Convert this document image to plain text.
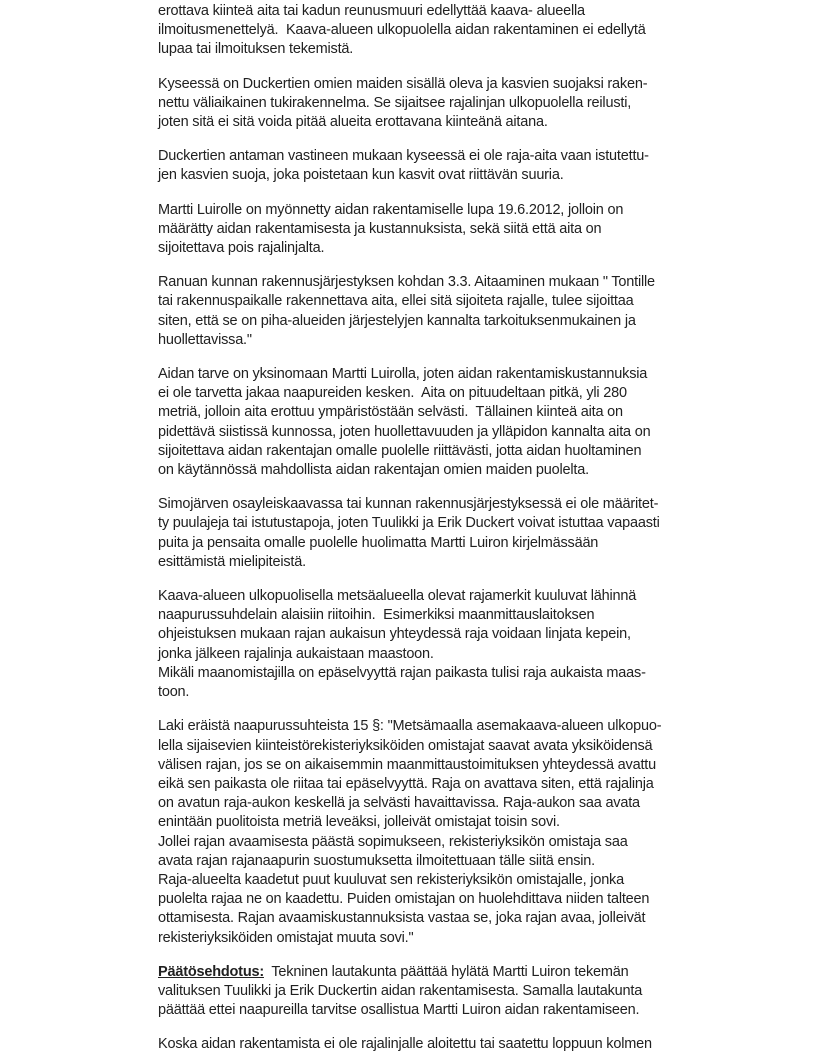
erottava kiinteä aita tai kadun reunusmuuri edellyttää kaava- alueella
ilmoitusmenettelyä.  Kaava-alueen ulkopuolella aidan rakentaminen ei edellytä
lupaa tai ilmoituksen tekemistä.
Kyseessä on Duckertien omien maiden sisällä oleva ja kasvien suojaksi raken-
nettu väliaikainen tukirakennelma. Se sijaitsee rajalinjan ulkopuolella reilusti,
joten sitä ei sitä voida pitää alueita erottavana kiinteänä aitana.
Duckertien antaman vastineen mukaan kyseessä ei ole raja-aita vaan istutettu-
jen kasvien suoja, joka poistetaan kun kasvit ovat riittävän suuria.
Martti Luirolle on myönnetty aidan rakentamiselle lupa 19.6.2012, jolloin on
määrätty aidan rakentamisesta ja kustannuksista, sekä siitä että aita on
sijoitettava pois rajalinjalta.
Ranuan kunnan rakennusjärjestyksen kohdan 3.3. Aitaaminen mukaan " Tontille
tai rakennuspaikalle rakennettava aita, ellei sitä sijoiteta rajalle, tulee sijoittaa
siten, että se on piha-alueiden järjestelyjen kannalta tarkoituksenmukainen ja
huollettavissa."
Aidan tarve on yksinomaan Martti Luirolla, joten aidan rakentamiskustannuksia
ei ole tarvetta jakaa naapureiden kesken.  Aita on pituudeltaan pitkä, yli 280
metriä, jolloin aita erottuu ympäristöstään selvästi.  Tällainen kiinteä aita on
pidettävä siistissä kunnossa, joten huollettavuuden ja ylläpidon kannalta aita on
sijoitettava aidan rakentajan omalle puolelle riittävästi, jotta aidan huoltaminen
on käytännössä mahdollista aidan rakentajan omien maiden puolelta.
Simojärven osayleiskaavassa tai kunnan rakennusjärjestyksessä ei ole määritet-
ty puulajeja tai istutustapoja, joten Tuulikki ja Erik Duckert voivat istuttaa vapaasti
puita ja pensaita omalle puolelle huolimatta Martti Luiron kirjelmässään
esittämistä mielipiteistä.
Kaava-alueen ulkopuolisella metsäalueella olevat rajamerkit kuuluvat lähinnä
naapurussuhdelain alaisiin riitoihin.  Esimerkiksi maanmittauslaitoksen
ohjeistuksen mukaan rajan aukaisun yhteydessä raja voidaan linjata kepein,
jonka jälkeen rajalinja aukaistaan maastoon.
Mikäli maanomistajilla on epäselvyyttä rajan paikasta tulisi raja aukaista maas-
toon.
Laki eräistä naapurussuhteista 15 §: "Metsämaalla asemakaava-alueen ulkopuo-
lella sijaisevien kiinteistörekisteriyksiköiden omistajat saavat avata yksiköidensä
välisen rajan, jos se on aikaisemmin maanmittaustoimituksen yhteydessä avattu
eikä sen paikasta ole riitaa tai epäselvyyttä. Raja on avattava siten, että rajalinja
on avatun raja-aukon keskellä ja selvästi havaittavissa. Raja-aukon saa avata
enintään puolitoista metriä leveäksi, jolleivät omistajat toisin sovi.
Jollei rajan avaamisesta päästä sopimukseen, rekisteriyksikön omistaja saa
avata rajan rajanaapurin suostumuksetta ilmoitettuaan tälle siitä ensin.
Raja-alueelta kaadetut puut kuuluvat sen rekisteriyksikön omistajalle, jonka
puolelta rajaa ne on kaadettu. Puiden omistajan on huolehdittava niiden talteen
ottamisesta. Rajan avaamiskustannuksista vastaa se, joka rajan avaa, jolleivät
rekisteriyksiköiden omistajat muuta sovi."
Päätösehdotus:  Tekninen lautakunta päättää hylätä Martti Luiron tekemän
valituksen Tuulikki ja Erik Duckertin aidan rakentamisesta. Samalla lautakunta
päättää ettei naapureilla tarvitse osallistua Martti Luiron aidan rakentamiseen.
Koska aidan rakentamista ei ole rajalinjalle aloitettu tai saatettu loppuun kolmen
